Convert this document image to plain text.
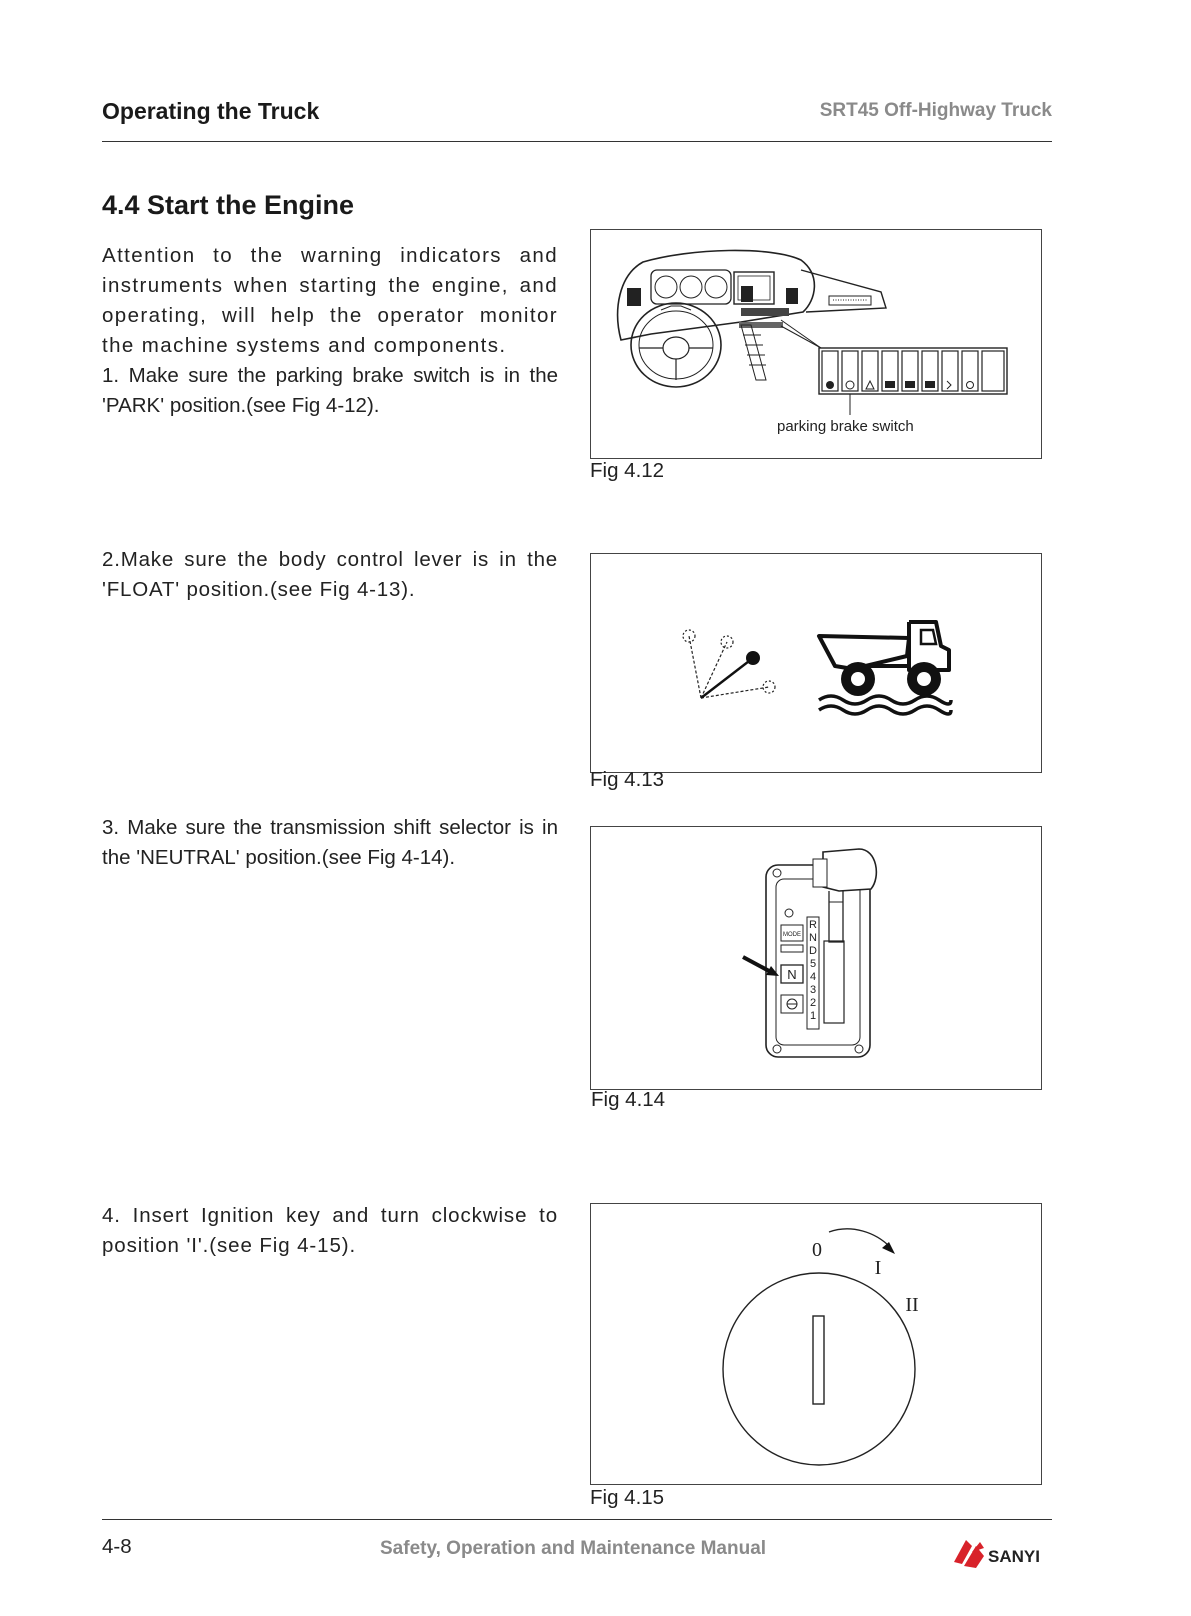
Operating the Truck	SRT45 Off-Highway Truck
4.4 Start the Engine

Attention to the warning indicators and instruments when starting the engine, and operating, will help the operator monitor the machine systems and components.

1. Make sure the parking brake switch is in the 'PARK' position.(see Fig 4-12).

parking brake switch
Fig 4.12
2.Make sure the body control lever is in the 'FLOAT' position.(see Fig 4-13).
Fig 4.13
3. Make sure the transmission shift selector is in the 'NEUTRAL' position.(see Fig 4-14).
MODE
N
R
N
D
5
4
3
2
1
Fig 4.14
4. Insert Ignition key and turn clockwise to position 'I'.(see Fig 4-15).	0
I
II
Fig 4.15
4-8	Safety, Operation and Maintenance Manual	SANYI
